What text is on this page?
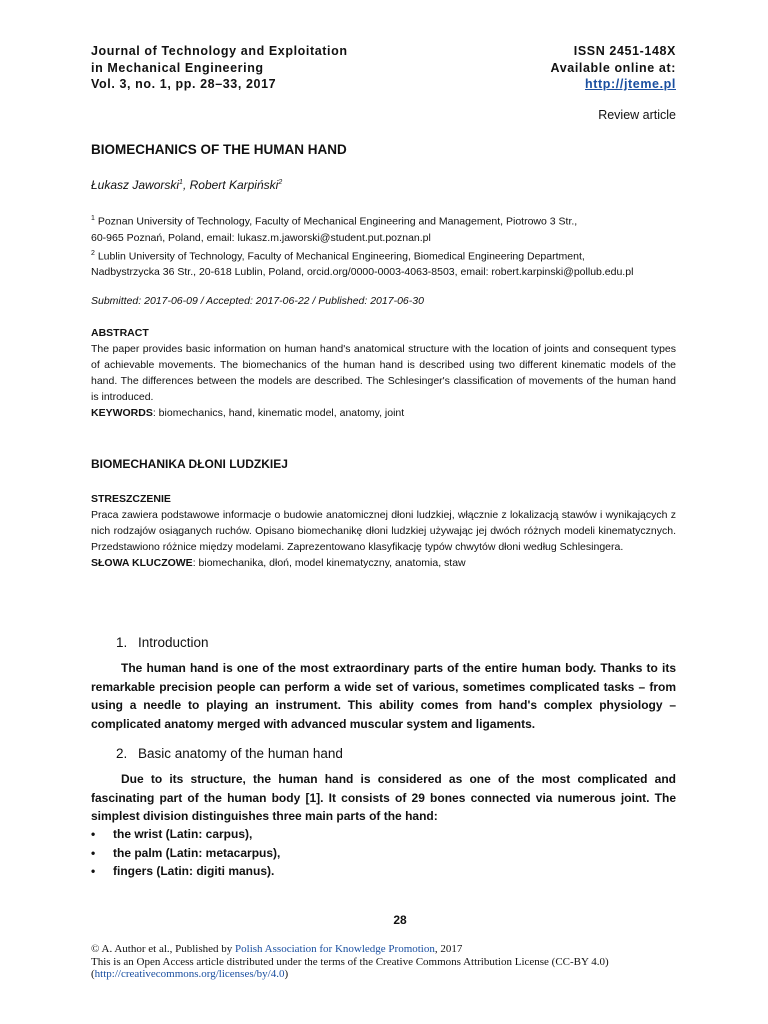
Journal of Technology and Exploitation
in Mechanical Engineering
Vol. 3, no. 1, pp. 28–33, 2017
ISSN 2451-148X
Available online at:
http://jteme.pl
Review article
BIOMECHANICS OF THE HUMAN HAND
Łukasz Jaworski$^1$, Robert Karpiński$^2$
$^1$ Poznan University of Technology, Faculty of Mechanical Engineering and Management, Piotrowo 3 Str.,
60-965 Poznań, Poland, email: lukasz.m.jaworski@student.put.poznan.pl
$^2$ Lublin University of Technology, Faculty of Mechanical Engineering, Biomedical Engineering Department,
Nadbystrzycka 36 Str., 20-618 Lublin, Poland, orcid.org/0000-0003-4063-8503, email: robert.karpinski@pollub.edu.pl
Submitted: 2017-06-09 / Accepted: 2017-06-22 / Published: 2017-06-30
ABSTRACT
The paper provides basic information on human hand's anatomical structure with the location of joints and consequent types of achievable movements. The biomechanics of the human hand is described using two different kinematic models of the hand. The differences between the models are described. The Schlesinger's classification of movements of the human hand is introduced.
KEYWORDS: biomechanics, hand, kinematic model, anatomy, joint
BIOMECHANIKA DŁONI LUDZKIEJ
STRESZCZENIE
Praca zawiera podstawowe informacje o budowie anatomicznej dłoni ludzkiej, włącznie z lokalizacją stawów i wynikających z nich rodzajów osiąganych ruchów. Opisano biomechanikę dłoni ludzkiej używając jej dwóch różnych modeli kinematycznych. Przedstawiono różnice między modelami. Zaprezentowano klasyfikację typów chwytów dłoni według Schlesingera.
SŁOWA KLUCZOWE: biomechanika, dłoń, model kinematyczny, anatomia, staw
1. Introduction
The human hand is one of the most extraordinary parts of the entire human body. Thanks to its remarkable precision people can perform a wide set of various, sometimes complicated tasks – from using a needle to playing an instrument. This ability comes from hand's complex physiology – complicated anatomy merged with advanced muscular system and ligaments.
2. Basic anatomy of the human hand
Due to its structure, the human hand is considered as one of the most complicated and fascinating part of the human body [1]. It consists of 29 bones connected via numerous joint. The simplest division distinguishes three main parts of the hand:
• the wrist (Latin: carpus),
• the palm (Latin: metacarpus),
• fingers (Latin: digiti manus).
28
© A. Author et al., Published by Polish Association for Knowledge Promotion, 2017
This is an Open Access article distributed under the terms of the Creative Commons Attribution License (CC-BY 4.0)
(http://creativecommons.org/licenses/by/4.0)
